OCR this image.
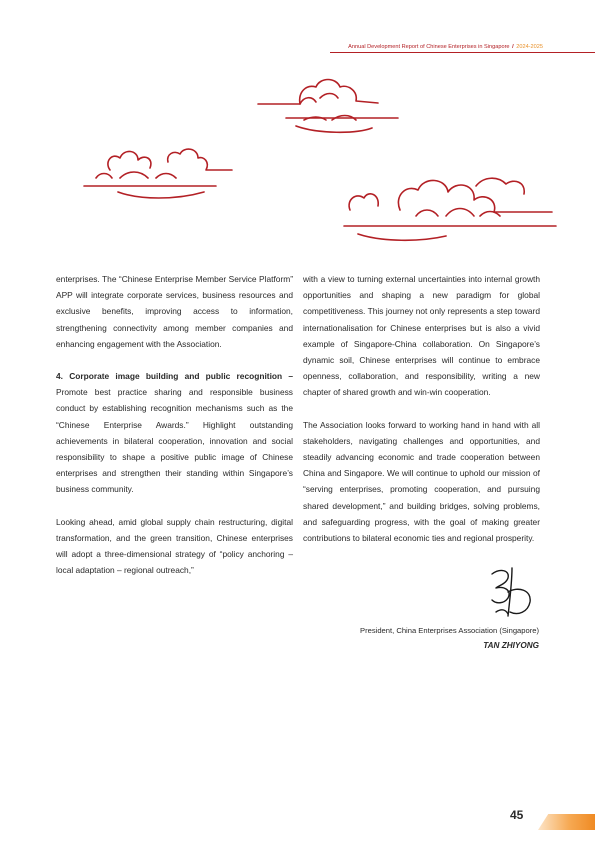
Annual Development Report of Chinese Enterprises in Singapore / 2024-2025

enterprises. The “Chinese Enterprise Member Service Platform” APP will integrate corporate services, business resources and exclusive benefits, improving access to information, strengthening connectivity among member companies and enhancing engagement with the Association.

4. Corporate image building and public recognition – Promote best practice sharing and responsible business conduct by establishing recognition mechanisms such as the “Chinese Enterprise Awards.” Highlight outstanding achievements in bilateral cooperation, innovation and social responsibility to shape a positive public image of Chinese enterprises and strengthen their standing within Singapore’s business community.

Looking ahead, amid global supply chain restructuring, digital transformation, and the green transition, Chinese enterprises will adopt a three-dimensional strategy of “policy anchoring – local adaptation – regional outreach,”

with a view to turning external uncertainties into internal growth opportunities and shaping a new paradigm for global competitiveness. This journey not only represents a step toward internationalisation for Chinese enterprises but is also a vivid example of Singapore-China collaboration. On Singapore’s dynamic soil, Chinese enterprises will continue to embrace openness, collaboration, and responsibility, writing a new chapter of shared growth and win-win cooperation.

The Association looks forward to working hand in hand with all stakeholders, navigating challenges and opportunities, and steadily advancing economic and trade cooperation between China and Singapore. We will continue to uphold our mission of “serving enterprises, promoting cooperation, and pursuing shared development,” and building bridges, solving problems, and safeguarding progress, with the goal of making greater contributions to bilateral economic ties and regional prosperity.

President, China Enterprises Association (Singapore)
TAN ZHIYONG
45
